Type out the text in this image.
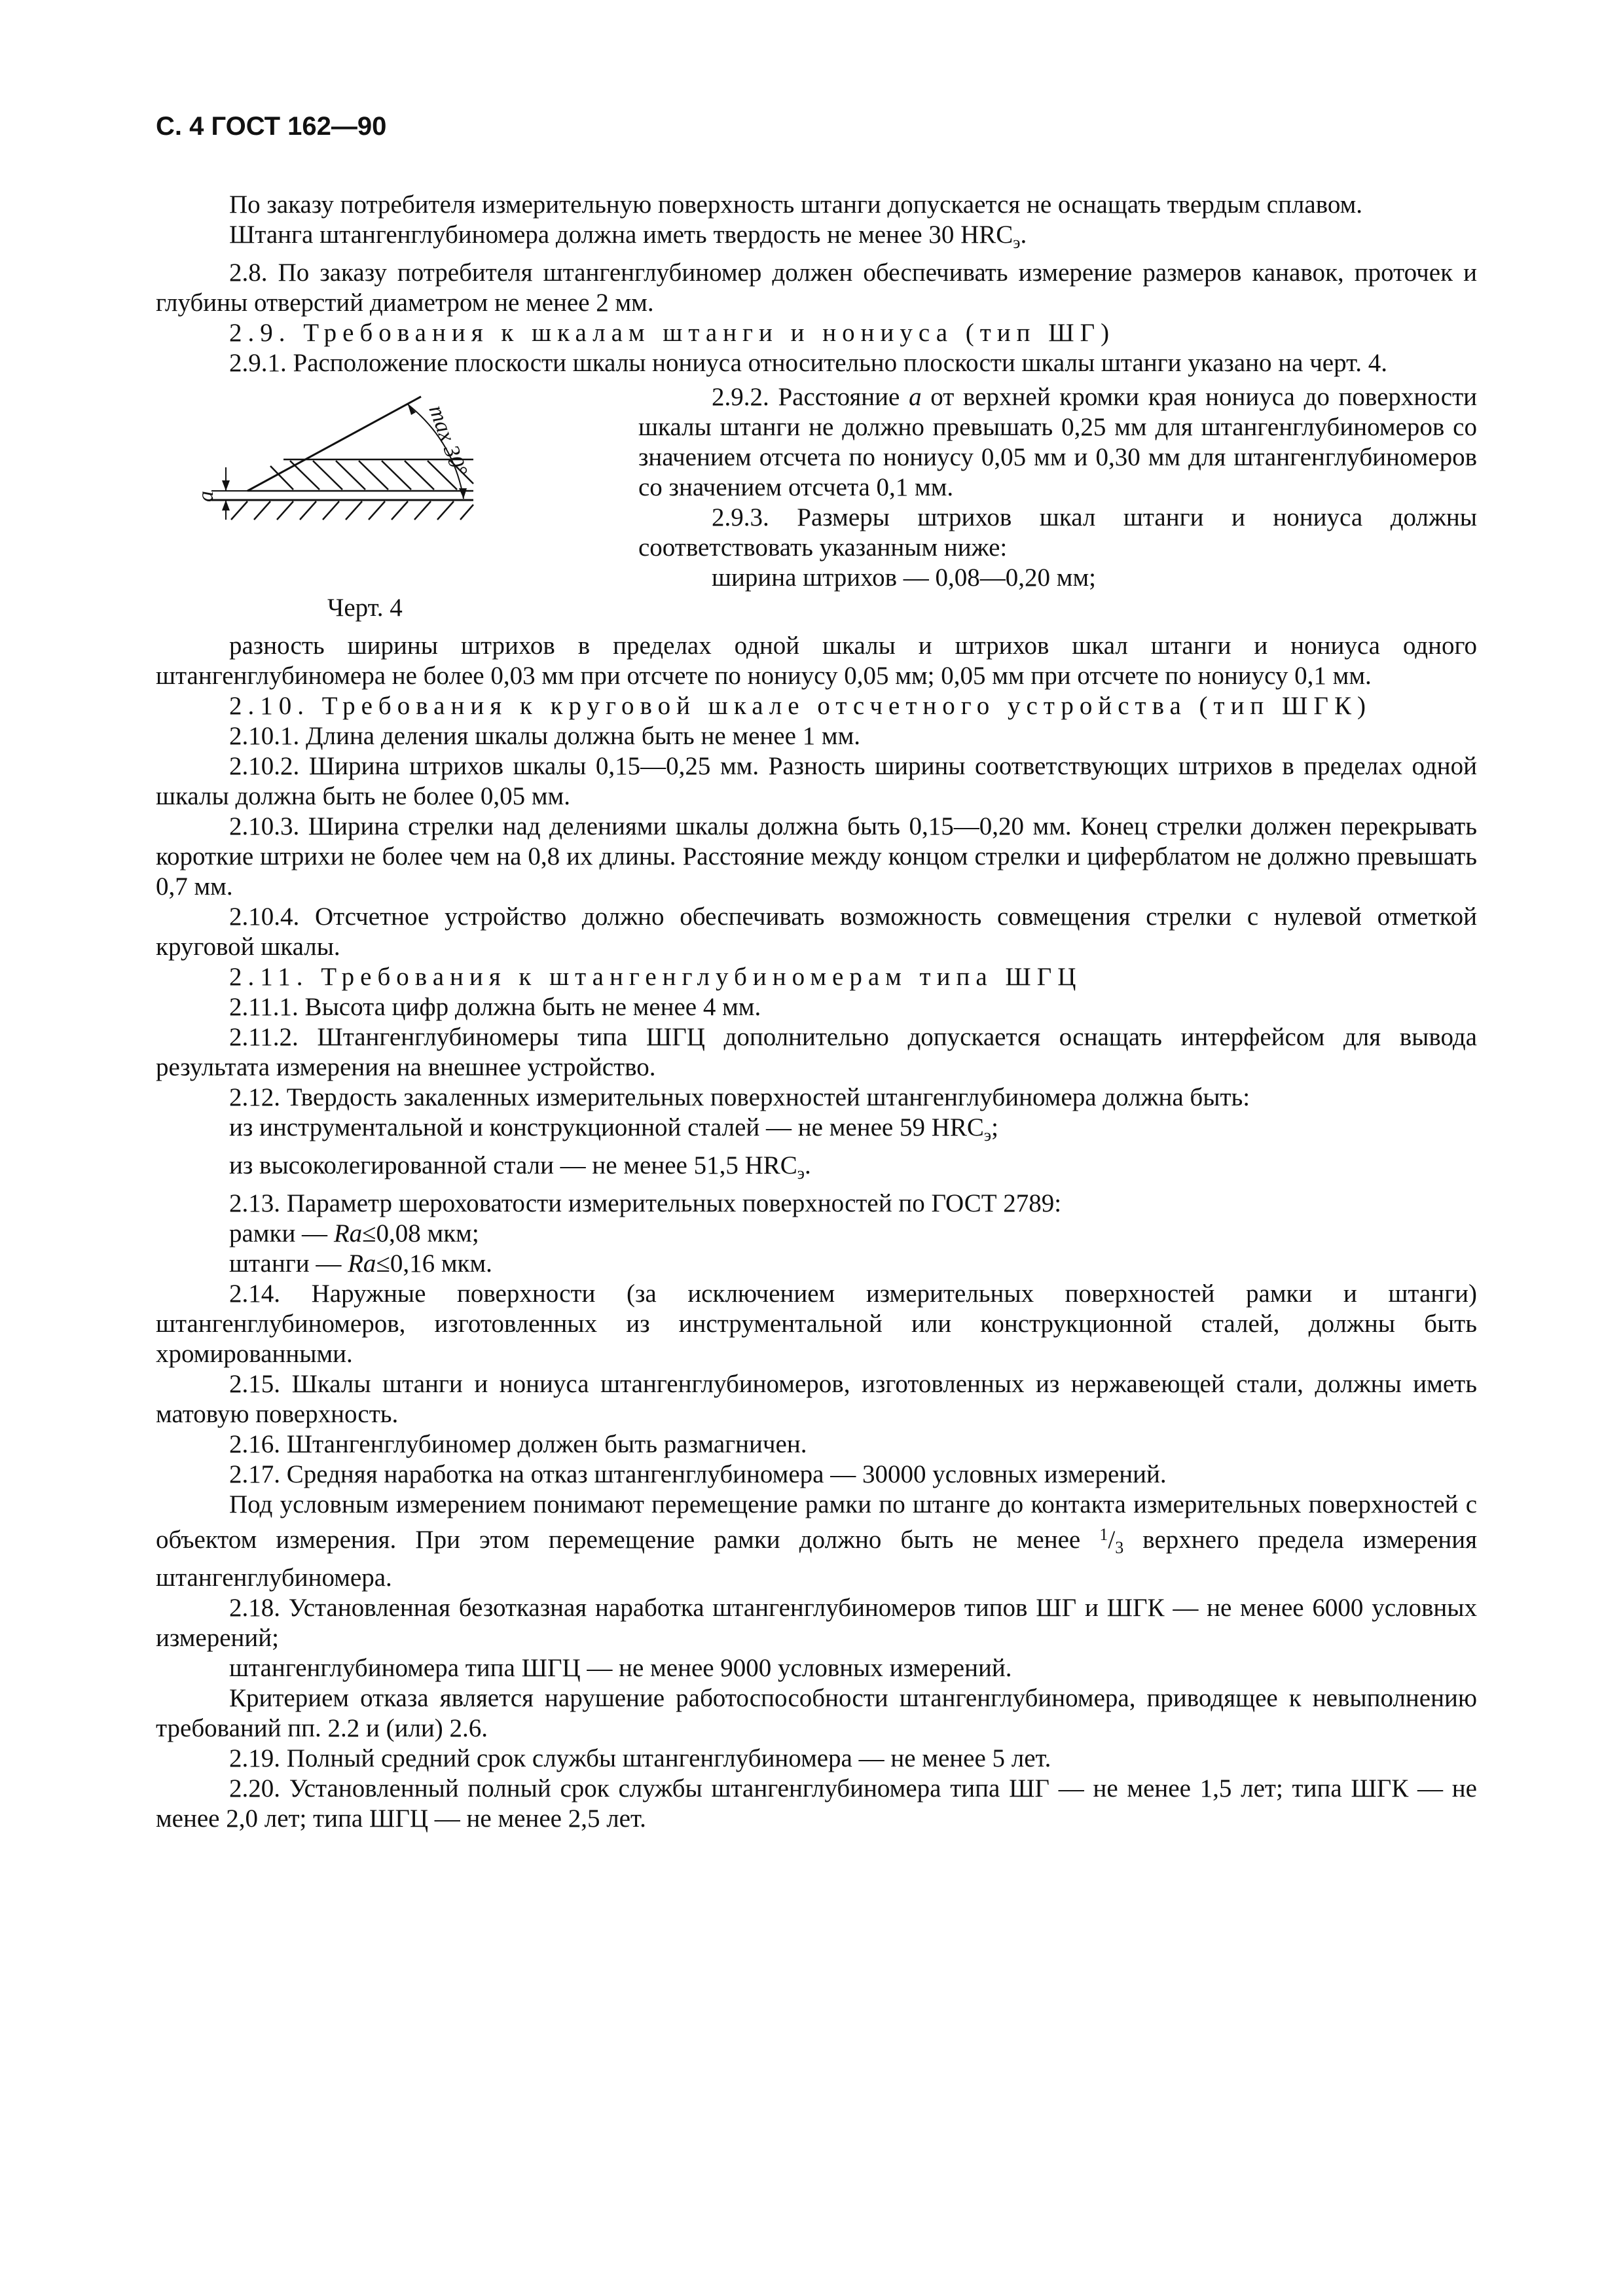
С. 4 ГОСТ 162—90

По заказу потребителя измерительную поверхность штанги допускается не оснащать твердым сплавом.

Штанга штангенглубиномера должна иметь твердость не менее 30 $HRC_э$.

2.8. По заказу потребителя штангенглубиномер должен обеспечивать измерение размеров канавок, проточек и глубины отверстий диаметром не менее 2 мм.

2.9. Требования к шкалам штанги и нониуса (тип ШГ)

2.9.1. Расположение плоскости шкалы нониуса относительно плоскости шкалы штанги указано на черт. 4.

a
max 30°
Черт. 4

2.9.2. Расстояние a от верхней кромки края нониуса до поверхности шкалы штанги не должно превышать 0,25 мм для штангенглубиномеров со значением отсчета по нониусу 0,05 мм и 0,30 мм для штангенглубиномеров со значением отсчета 0,1 мм.

2.9.3. Размеры штрихов шкал штанги и нониуса должны соответствовать указанным ниже:

ширина штрихов — 0,08—0,20 мм;

разность ширины штрихов в пределах одной шкалы и штрихов шкал штанги и нониуса одного штангенглубиномера не более 0,03 мм при отсчете по нониусу 0,05 мм; 0,05 мм при отсчете по нониусу 0,1 мм.

2.10. Требования к круговой шкале отсчетного устройства (тип ШГК)

2.10.1. Длина деления шкалы должна быть не менее 1 мм.

2.10.2. Ширина штрихов шкалы 0,15—0,25 мм. Разность ширины соответствующих штрихов в пределах одной шкалы должна быть не более 0,05 мм.

2.10.3. Ширина стрелки над делениями шкалы должна быть 0,15—0,20 мм. Конец стрелки должен перекрывать короткие штрихи не более чем на 0,8 их длины. Расстояние между концом стрелки и циферблатом не должно превышать 0,7 мм.

2.10.4. Отсчетное устройство должно обеспечивать возможность совмещения стрелки с нулевой отметкой круговой шкалы.

2.11. Требования к штангенглубиномерам типа ШГЦ

2.11.1. Высота цифр должна быть не менее 4 мм.

2.11.2. Штангенглубиномеры типа ШГЦ дополнительно допускается оснащать интерфейсом для вывода результата измерения на внешнее устройство.

2.12. Твердость закаленных измерительных поверхностей штангенглубиномера должна быть:

из инструментальной и конструкционной сталей — не менее 59 $HRC_э$;

из высоколегированной стали — не менее 51,5 $HRC_э$.

2.13. Параметр шероховатости измерительных поверхностей по ГОСТ 2789:

рамки — Ra≤0,08 мкм;

штанги — Ra≤0,16 мкм.

2.14. Наружные поверхности (за исключением измерительных поверхностей рамки и штанги) штангенглубиномеров, изготовленных из инструментальной или конструкционной сталей, должны быть хромированными.

2.15. Шкалы штанги и нониуса штангенглубиномеров, изготовленных из нержавеющей стали, должны иметь матовую поверхность.

2.16. Штангенглубиномер должен быть размагничен.

2.17. Средняя наработка на отказ штангенглубиномера — 30000 условных измерений.

Под условным измерением понимают перемещение рамки по штанге до контакта измерительных поверхностей с объектом измерения. При этом перемещение рамки должно быть не менее $^1/_3$ верхнего предела измерения штангенглубиномера.

2.18. Установленная безотказная наработка штангенглубиномеров типов ШГ и ШГК — не менее 6000 условных измерений;

штангенглубиномера типа ШГЦ — не менее 9000 условных измерений.

Критерием отказа является нарушение работоспособности штангенглубиномера, приводящее к невыполнению требований пп. 2.2 и (или) 2.6.

2.19. Полный средний срок службы штангенглубиномера — не менее 5 лет.

2.20. Установленный полный срок службы штангенглубиномера типа ШГ — не менее 1,5 лет; типа ШГК — не менее 2,0 лет; типа ШГЦ — не менее 2,5 лет.
